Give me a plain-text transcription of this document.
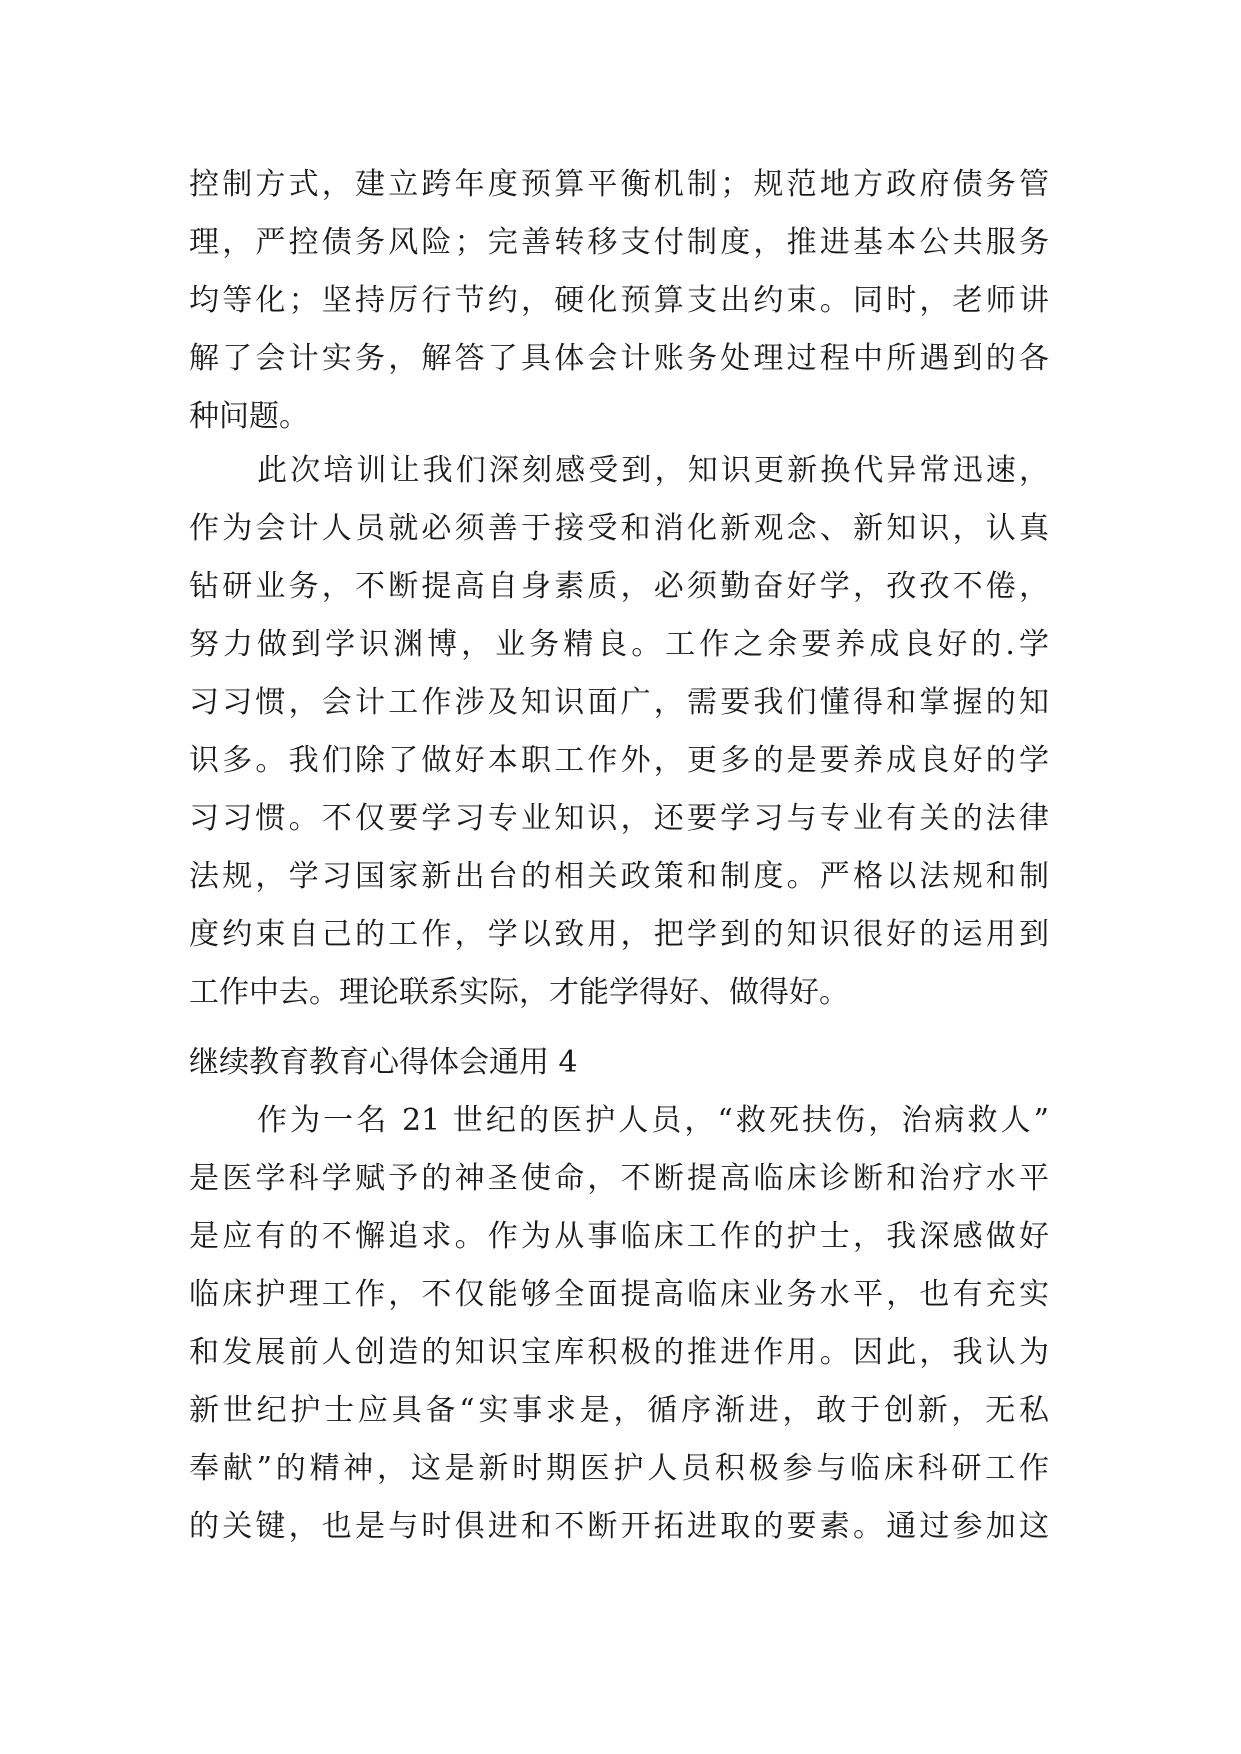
控制方式，建立跨年度预算平衡机制；规范地方政府债务管
理，严控债务风险；完善转移支付制度，推进基本公共服务
均等化；坚持厉行节约，硬化预算支出约束。同时，老师讲
解了会计实务，解答了具体会计账务处理过程中所遇到的各
种问题。
此次培训让我们深刻感受到，知识更新换代异常迅速，
作为会计人员就必须善于接受和消化新观念、新知识，认真
钻研业务，不断提高自身素质，必须勤奋好学，孜孜不倦，
努力做到学识渊博，业务精良。工作之余要养成良好的.学
习习惯，会计工作涉及知识面广，需要我们懂得和掌握的知
识多。我们除了做好本职工作外，更多的是要养成良好的学
习习惯。不仅要学习专业知识，还要学习与专业有关的法律
法规，学习国家新出台的相关政策和制度。严格以法规和制
度约束自己的工作，学以致用，把学到的知识很好的运用到
工作中去。理论联系实际，才能学得好、做得好。
继续教育教育心得体会通用 4
作为一名 21 世纪的医护人员，“救死扶伤，治病救人”
是医学科学赋予的神圣使命，不断提高临床诊断和治疗水平
是应有的不懈追求。作为从事临床工作的护士，我深感做好
临床护理工作，不仅能够全面提高临床业务水平，也有充实
和发展前人创造的知识宝库积极的推进作用。因此，我认为
新世纪护士应具备“实事求是，循序渐进，敢于创新，无私
奉献”的精神，这是新时期医护人员积极参与临床科研工作
的关键，也是与时俱进和不断开拓进取的要素。通过参加这
